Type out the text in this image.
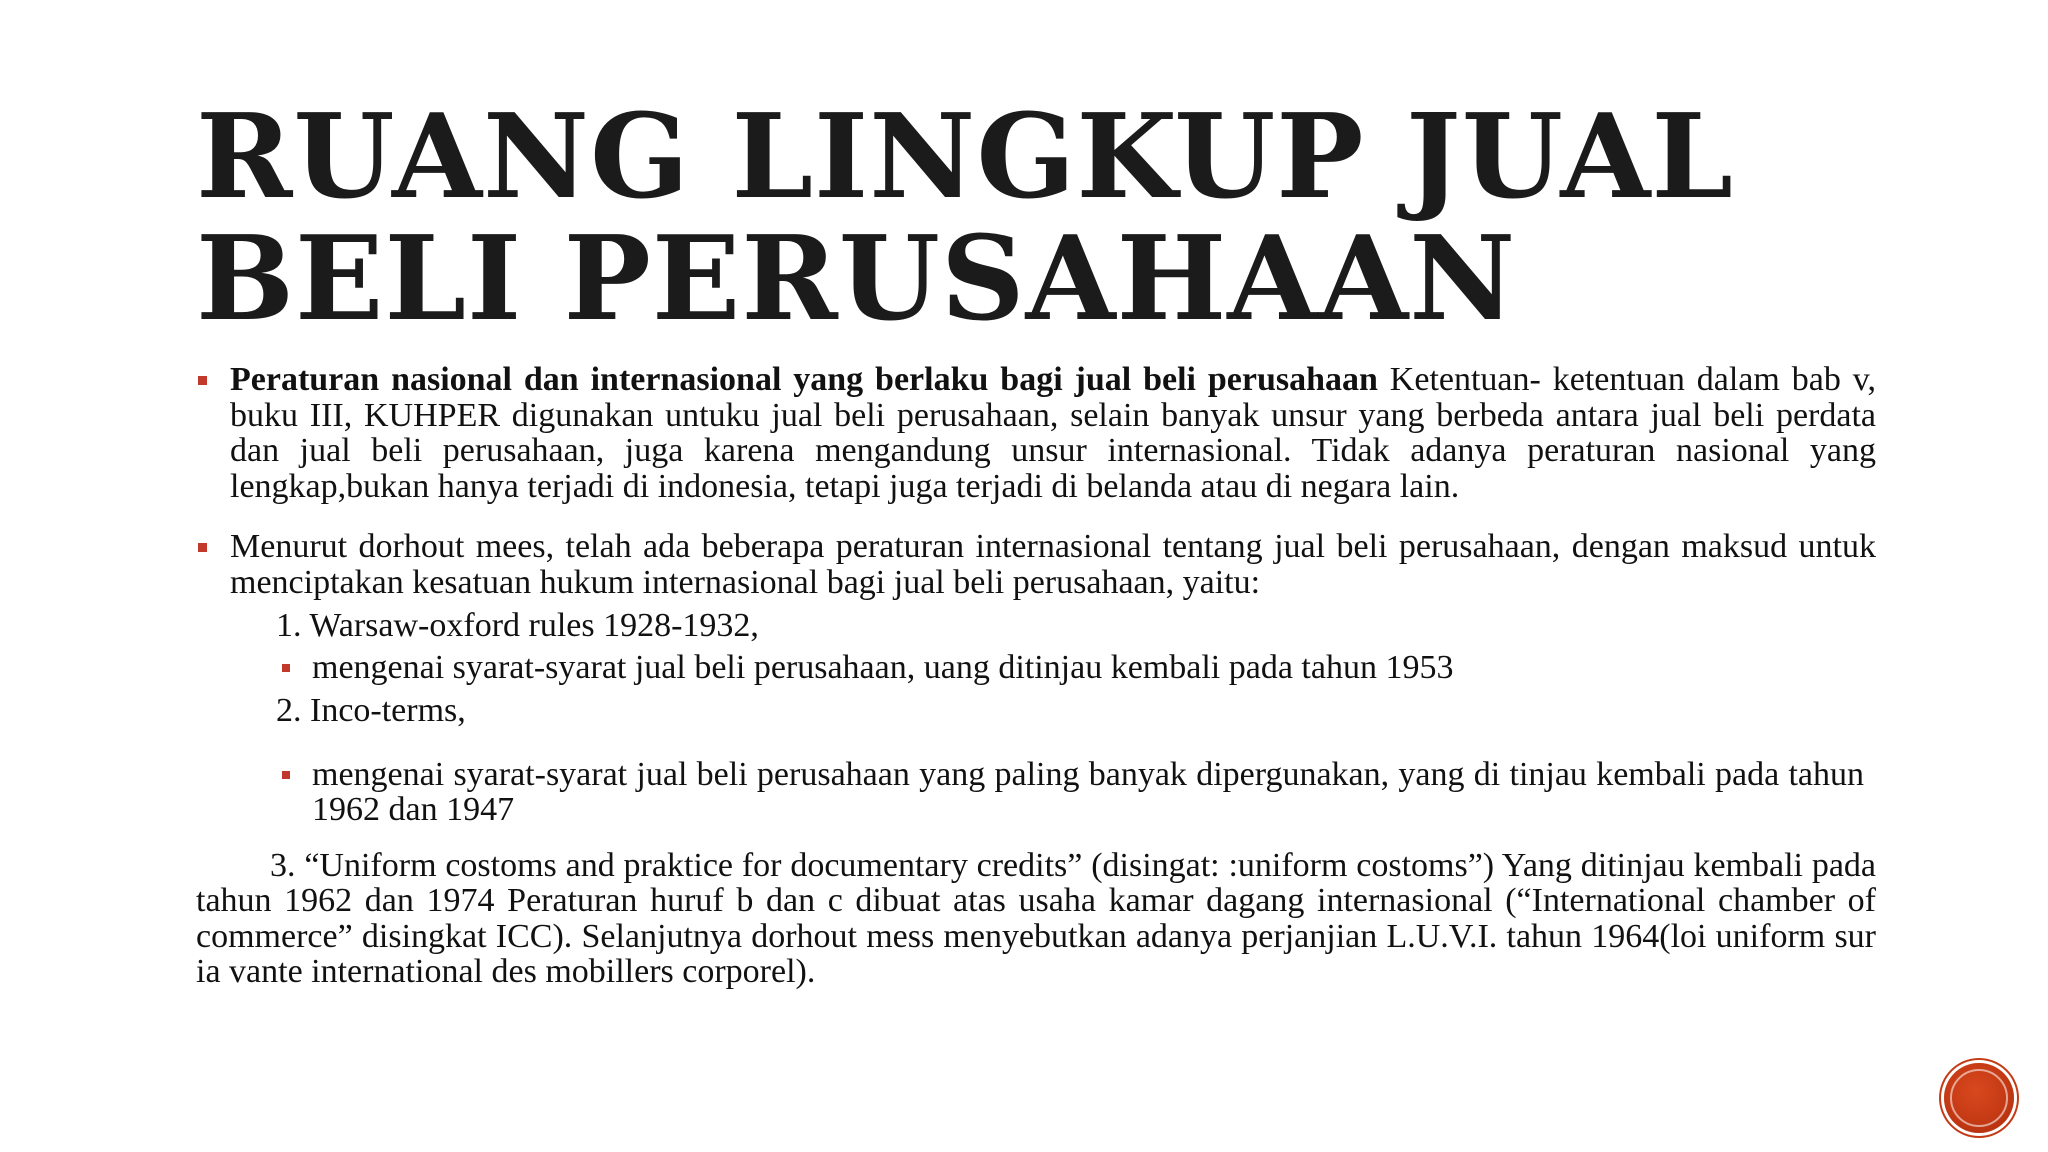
RUANG LINGKUP JUAL
BELI PERUSAHAAN
Peraturan nasional dan internasional yang berlaku bagi jual beli perusahaan Ketentuan- ketentuan dalam bab v, buku III, KUHPER digunakan untuku jual beli perusahaan, selain banyak unsur yang berbeda antara jual beli perdata dan jual beli perusahaan, juga karena mengandung unsur internasional. Tidak adanya peraturan nasional yang lengkap,bukan hanya terjadi di indonesia, tetapi juga terjadi di belanda atau di negara lain.
Menurut dorhout mees, telah ada beberapa peraturan internasional tentang jual beli perusahaan, dengan maksud untuk menciptakan kesatuan hukum internasional bagi jual beli perusahaan, yaitu:
1. Warsaw-oxford rules 1928-1932,
mengenai syarat-syarat jual beli perusahaan, uang ditinjau kembali pada tahun 1953
2. Inco-terms,
mengenai syarat-syarat jual beli perusahaan yang paling banyak dipergunakan, yang di tinjau kembali pada tahun 1962 dan 1947
3. “Uniform costoms and praktice for documentary credits” (disingat: :uniform costoms”) Yang ditinjau kembali pada tahun 1962 dan 1974 Peraturan huruf b dan c dibuat atas usaha kamar dagang internasional (“International chamber of commerce” disingkat ICC). Selanjutnya dorhout mess menyebutkan adanya perjanjian L.U.V.I. tahun 1964(loi uniform sur ia vante international des mobillers corporel).
